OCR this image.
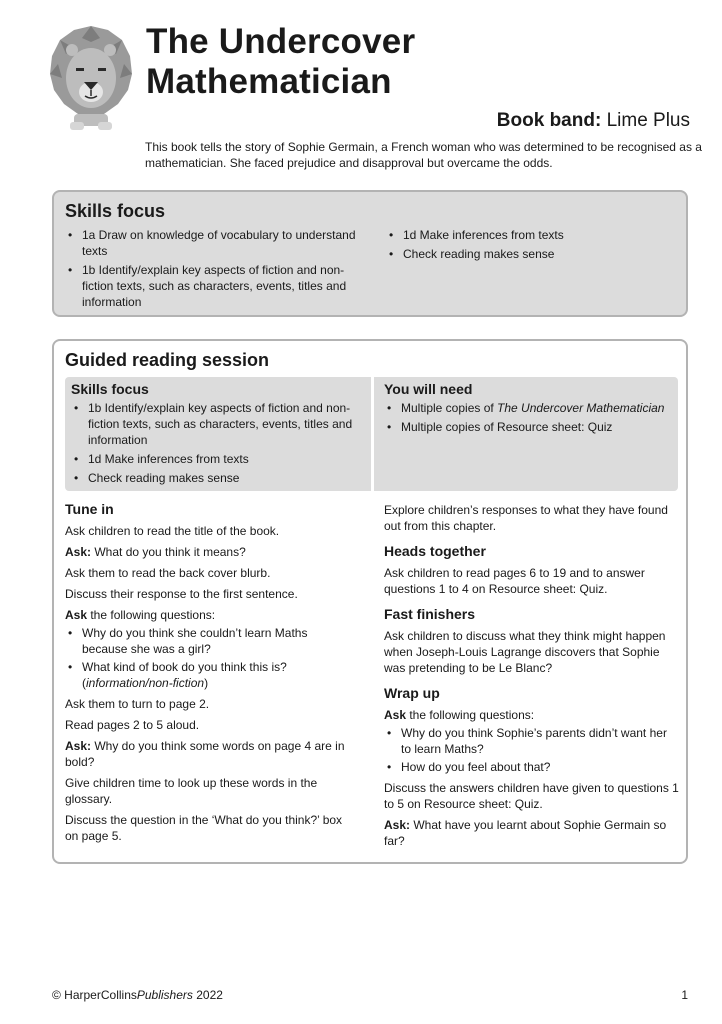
The Undercover
Mathematician
Book band: Lime Plus
This book tells the story of Sophie Germain, a French woman who was determined to be recognised as a mathematician. She faced prejudice and disapproval but overcame the odds.
Skills focus
• 1a Draw on knowledge of vocabulary to understand texts
• 1b Identify/explain key aspects of fiction and non-fiction texts, such as characters, events, titles and information
• 1d Make inferences from texts
• Check reading makes sense
Guided reading session
Skills focus
• 1b Identify/explain key aspects of fiction and non-fiction texts, such as characters, events, titles and information
• 1d Make inferences from texts
• Check reading makes sense
You will need
• Multiple copies of The Undercover Mathematician
• Multiple copies of Resource sheet: Quiz
Tune in

Ask children to read the title of the book.

Ask: What do you think it means?

Ask them to read the back cover blurb.

Discuss their response to the first sentence.

Ask the following questions:

• Why do you think she couldn’t learn Maths because she was a girl?
• What kind of book do you think this is?
(information/non-fiction)

Ask them to turn to page 2.

Read pages 2 to 5 aloud.

Ask: Why do you think some words on page 4 are in bold?

Give children time to look up these words in the glossary.

Discuss the question in the ‘What do you think?’ box on page 5.

Explore children’s responses to what they have found out from this chapter.

Heads together

Ask children to read pages 6 to 19 and to answer questions 1 to 4 on Resource sheet: Quiz.

Fast finishers

Ask children to discuss what they think might happen when Joseph-Louis Lagrange discovers that Sophie was pretending to be Le Blanc?

Wrap up

Ask the following questions:

• Why do you think Sophie’s parents didn’t want her to learn Maths?
• How do you feel about that?

Discuss the answers children have given to questions 1 to 5 on Resource sheet: Quiz.

Ask: What have you learnt about Sophie Germain so far?

© HarperCollinsPublishers 2022	1
